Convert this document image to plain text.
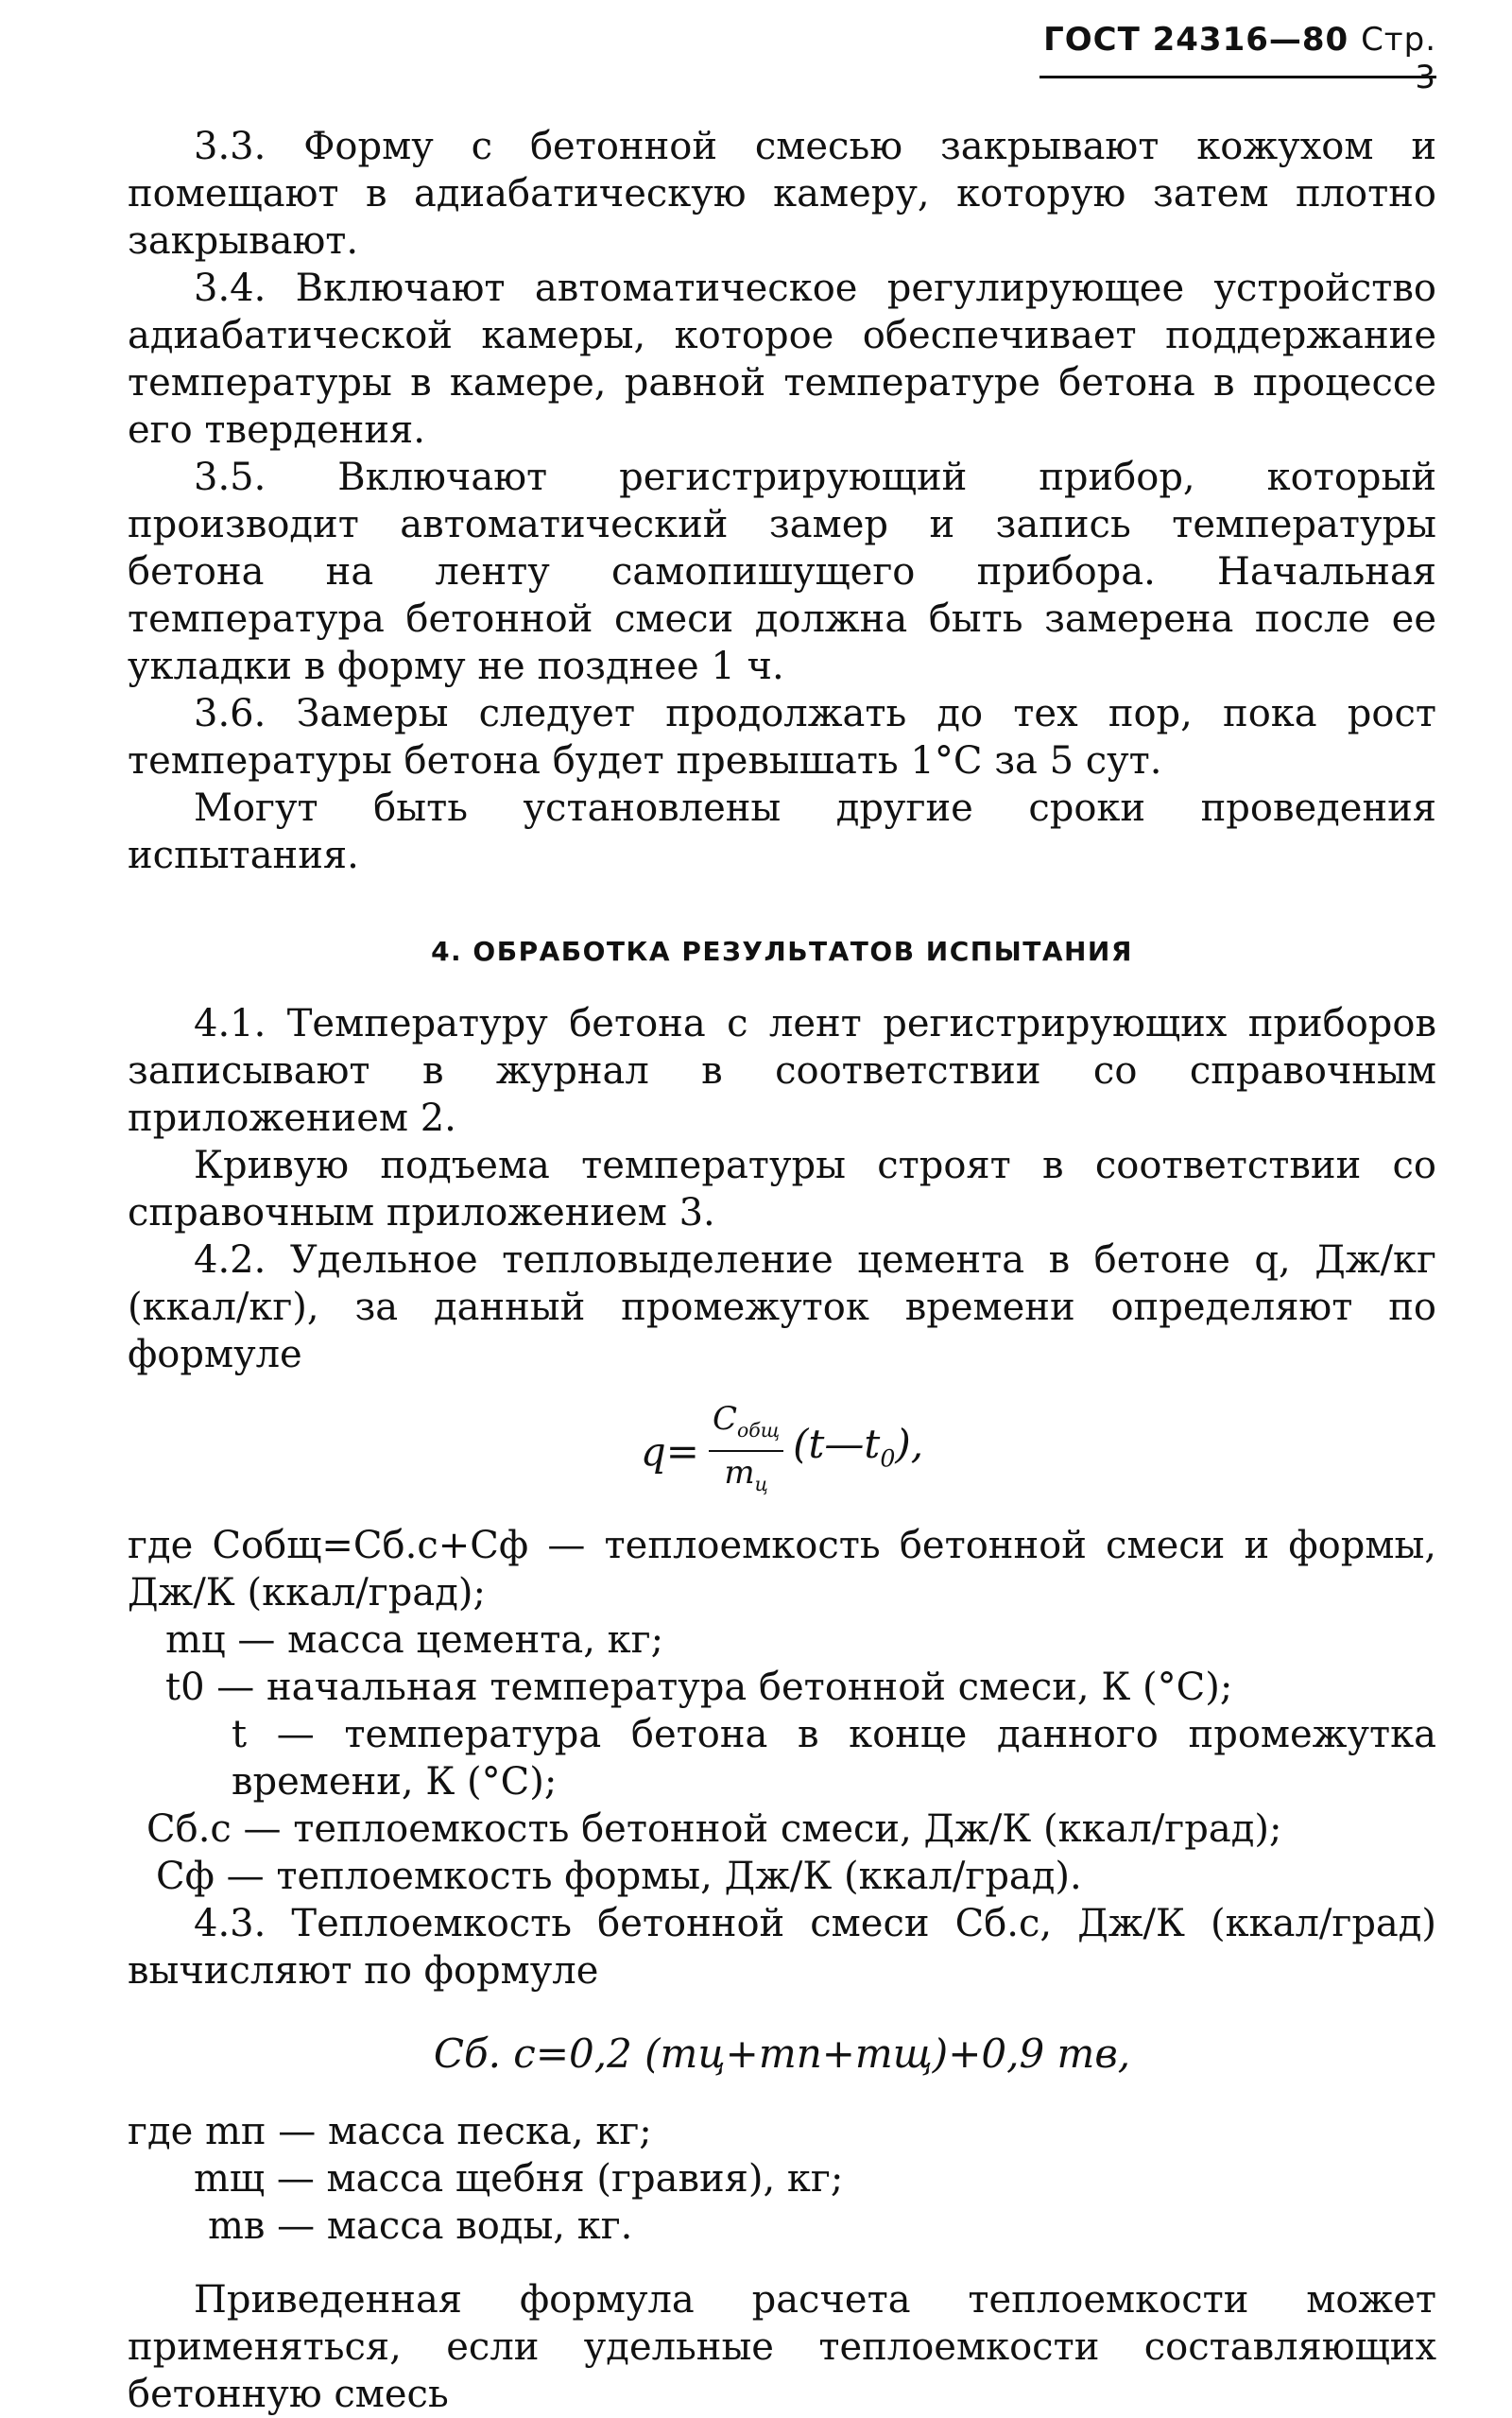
ГОСТ 24316—80 Стр.

3.3. Форму с бетонной смесью закрывают кожухом и помещают в адиабатическую камеру, которую затем плотно закрывают.

3.4. Включают автоматическое регулирующее устройство адиабатической камеры, которое обеспечивает поддержание температуры в камере, равной температуре бетона в процессе его твердения.

3.5. Включают регистрирующий прибор, который производит автоматический замер и запись температуры бетона на ленту самопишущего прибора. Начальная температура бетонной смеси должна быть замерена после ее укладки в форму не позднее 1 ч.

3.6. Замеры следует продолжать до тех пор, пока рост температуры бетона будет превышать 1°С за 5 сут.

Могут быть установлены другие сроки проведения испытания.

4. ОБРАБОТКА РЕЗУЛЬТАТОВ ИСПЫТАНИЯ

4.1. Температуру бетона с лент регистрирующих приборов записывают в журнал в соответствии со справочным приложением 2.

Кривую подъема температуры строят в соответствии со справочным приложением 3.

4.2. Удельное тепловыделение цемента в бетоне q, Дж/кг (ккал/кг), за данный промежуток времени определяют по формуле

$q = \frac{C_{общ}}{m_ц}$ $(t—t_0)$,

где Cобщ=Cб.с+Cф — теплоемкость бетонной смеси и формы, Дж/К (ккал/град);

mц — масса цемента, кг;

t0 — начальная температура бетонной смеси, К (°С);

t — температура бетона в конце данного промежутка времени, К (°С);

Cб.с — теплоемкость бетонной смеси, Дж/К (ккал/град);

Cф — теплоемкость формы, Дж/К (ккал/град).

4.3. Теплоемкость бетонной смеси Cб.с, Дж/К (ккал/град) вычисляют по формуле

Cб. с=0,2 (mц+mп+mщ)+0,9 mв,

где mп — масса песка, кг;

mщ — масса щебня (гравия), кг;

mв — масса воды, кг.

Приведенная формула расчета теплоемкости может применяться, если удельные теплоемкости составляющих бетонную смесь
